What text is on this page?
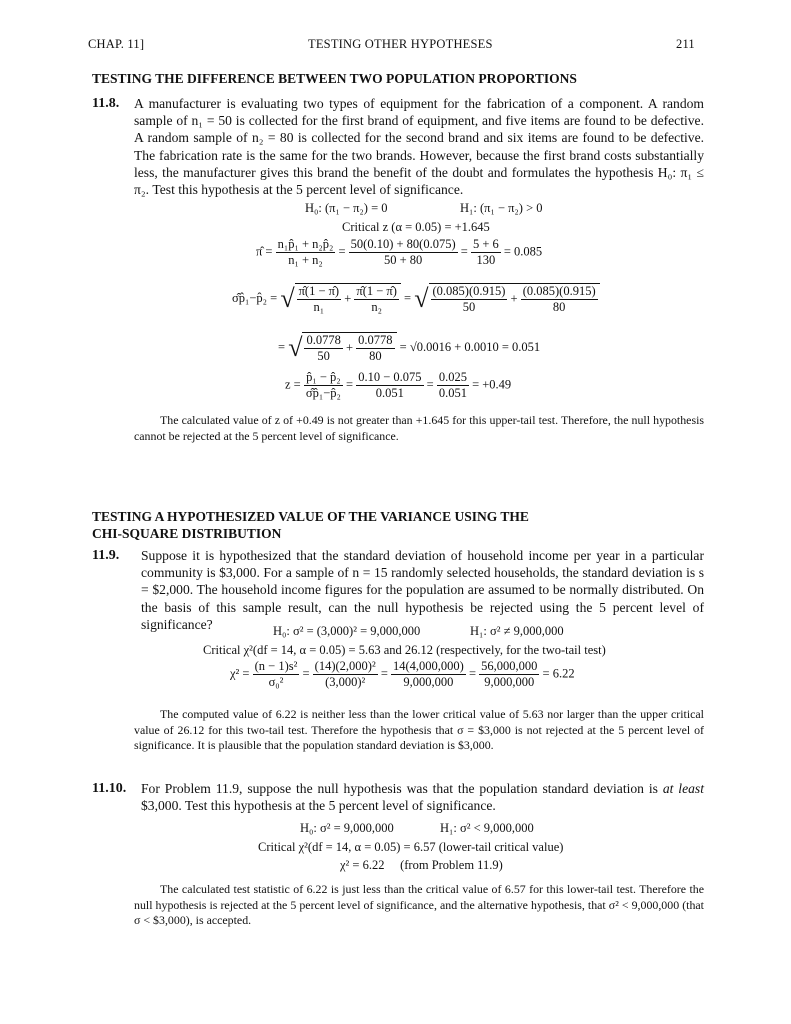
CHAP. 11]	TESTING OTHER HYPOTHESES	211
TESTING THE DIFFERENCE BETWEEN TWO POPULATION PROPORTIONS
11.8. A manufacturer is evaluating two types of equipment for the fabrication of a component. A random sample of n₁ = 50 is collected for the first brand of equipment, and five items are found to be defective. A random sample of n₂ = 80 is collected for the second brand and six items are found to be defective. The fabrication rate is the same for the two brands. However, because the first brand costs substantially less, the manufacturer gives this brand the benefit of the doubt and formulates the hypothesis H₀: π₁ ≤ π₂. Test this hypothesis at the 5 percent level of significance.
H₀: (π₁ − π₂) = 0	H₁: (π₁ − π₂) > 0
Critical z (α = 0.05) = +1.645
π̂ = $\frac{\text{n₁p̂₁ + n₂p̂₂}}{\text{n₁ + n₂}} = \frac{50(0.10) + 80(0.075)}{50 + 80} = \frac{5 + 6}{130} = 0.085$
σ̂p̂₁−p̂₂ = √ $\frac{\pî(1 - \pî)}{\text{n₁}} + \frac{\pî(1 - \pî)}{\text{n₂}}$ = √ $\frac{(0.085)(0.915)}{50} + \frac{(0.085)(0.915)}{80}$
= √ $\frac{0.0778}{50} + \frac{0.0778}{80} = √0.0016 + 0.0010 = 0.051$
$z = \frac{\text{p̂₁ − p̂₂}}{\text{σ̂p̂₁−p̂₂}} = \frac{0.10 - 0.075}{0.051} = \frac{0.025}{0.051} = +0.49$
The calculated value of z of +0.49 is not greater than +1.645 for this upper-tail test. Therefore, the null hypothesis cannot be rejected at the 5 percent level of significance.
TESTING A HYPOTHESIZED VALUE OF THE VARIANCE USING THE
CHI-SQUARE DISTRIBUTION
11.9. Suppose it is hypothesized that the standard deviation of household income per year in a particular community is $3,000. For a sample of n = 15 randomly selected households, the standard deviation is s = $2,000. The household income figures for the population are assumed to be normally distributed. On the basis of this sample result, can the null hypothesis be rejected using the 5 percent level of significance?	H₀: σ² = (3,000)² = 9,000,000	H₁: σ² ≠ 9,000,000
Critical χ²(df = 14, α = 0.05) = 5.63 and 26.12 (respectively, for the two-tail test)
$\chi^2 = \frac{\text{(n − 1)s²}}{\text{σ₀²}} = \frac{\text{(14)(2,000)²}}{\text{(3,000)²}} = \frac{14(4,000,000)}{9,000,000} = \frac{56,000,000}{9,000,000} = 6.22$
The computed value of 6.22 is neither less than the lower critical value of 5.63 nor larger than the upper critical value of 26.12 for this two-tail test. Therefore the hypothesis that σ = $3,000 is not rejected at the 5 percent level of significance. It is plausible that the population standard deviation is $3,000.
11.10. For Problem 11.9, suppose the null hypothesis was that the population standard deviation is at least $3,000. Test this hypothesis at the 5 percent level of significance.
H₀: σ² = 9,000,000	H₁: σ² < 9,000,000
Critical χ²(df = 14, α = 0.05) = 6.57 (lower-tail critical value)
χ² = 6.22 (from Problem 11.9)
The calculated test statistic of 6.22 is just less than the critical value of 6.57 for this lower-tail test. Therefore the null hypothesis is rejected at the 5 percent level of significance, and the alternative hypothesis, that σ² < 9,000,000 (that σ < $3,000), is accepted.
